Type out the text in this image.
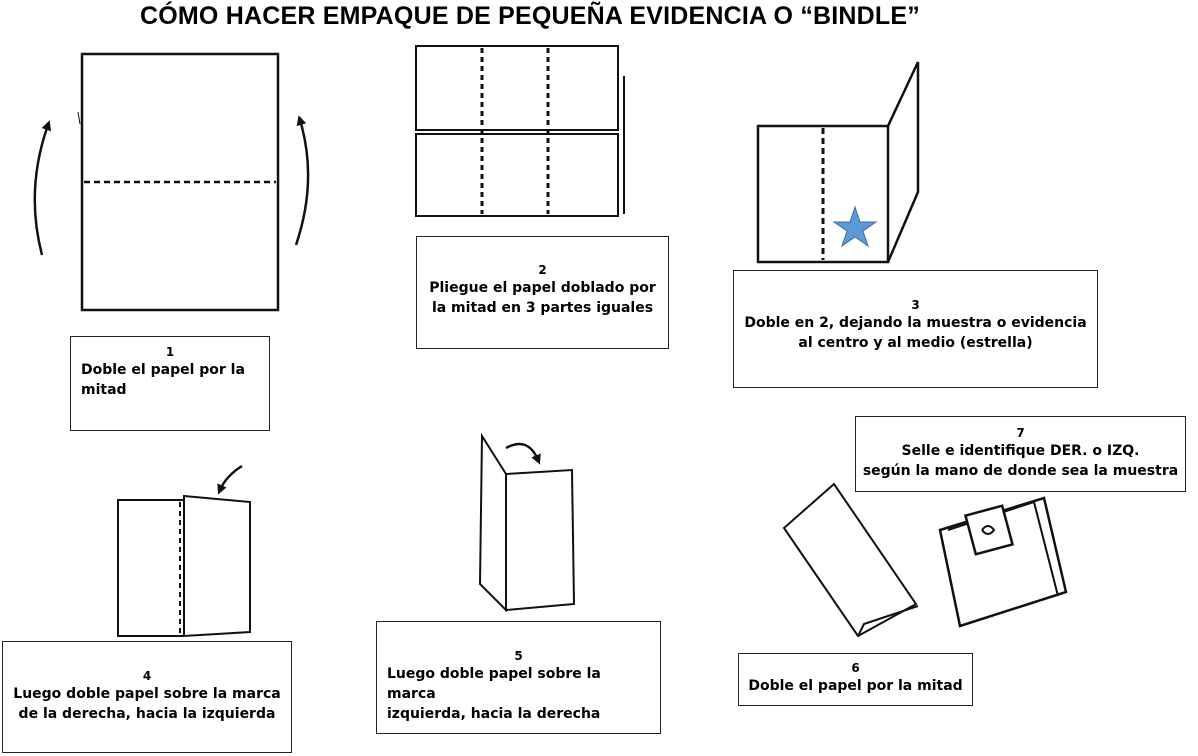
CÓMO HACER EMPAQUE DE PEQUEÑA EVIDENCIA O “BINDLE”
1
Doble el papel por la mitad
2
Pliegue el papel doblado por
la mitad en 3 partes iguales	3
Doble en 2, dejando la muestra o evidencia
al centro y al medio (estrella)
7
Selle e identifique DER. o IZQ.
según la mano de donde sea la muestra
4
Luego doble papel sobre la marca
de la derecha, hacia la izquierda
5
Luego doble papel sobre la marca
izquierda, hacia la derecha
6
Doble el papel por la mitad
